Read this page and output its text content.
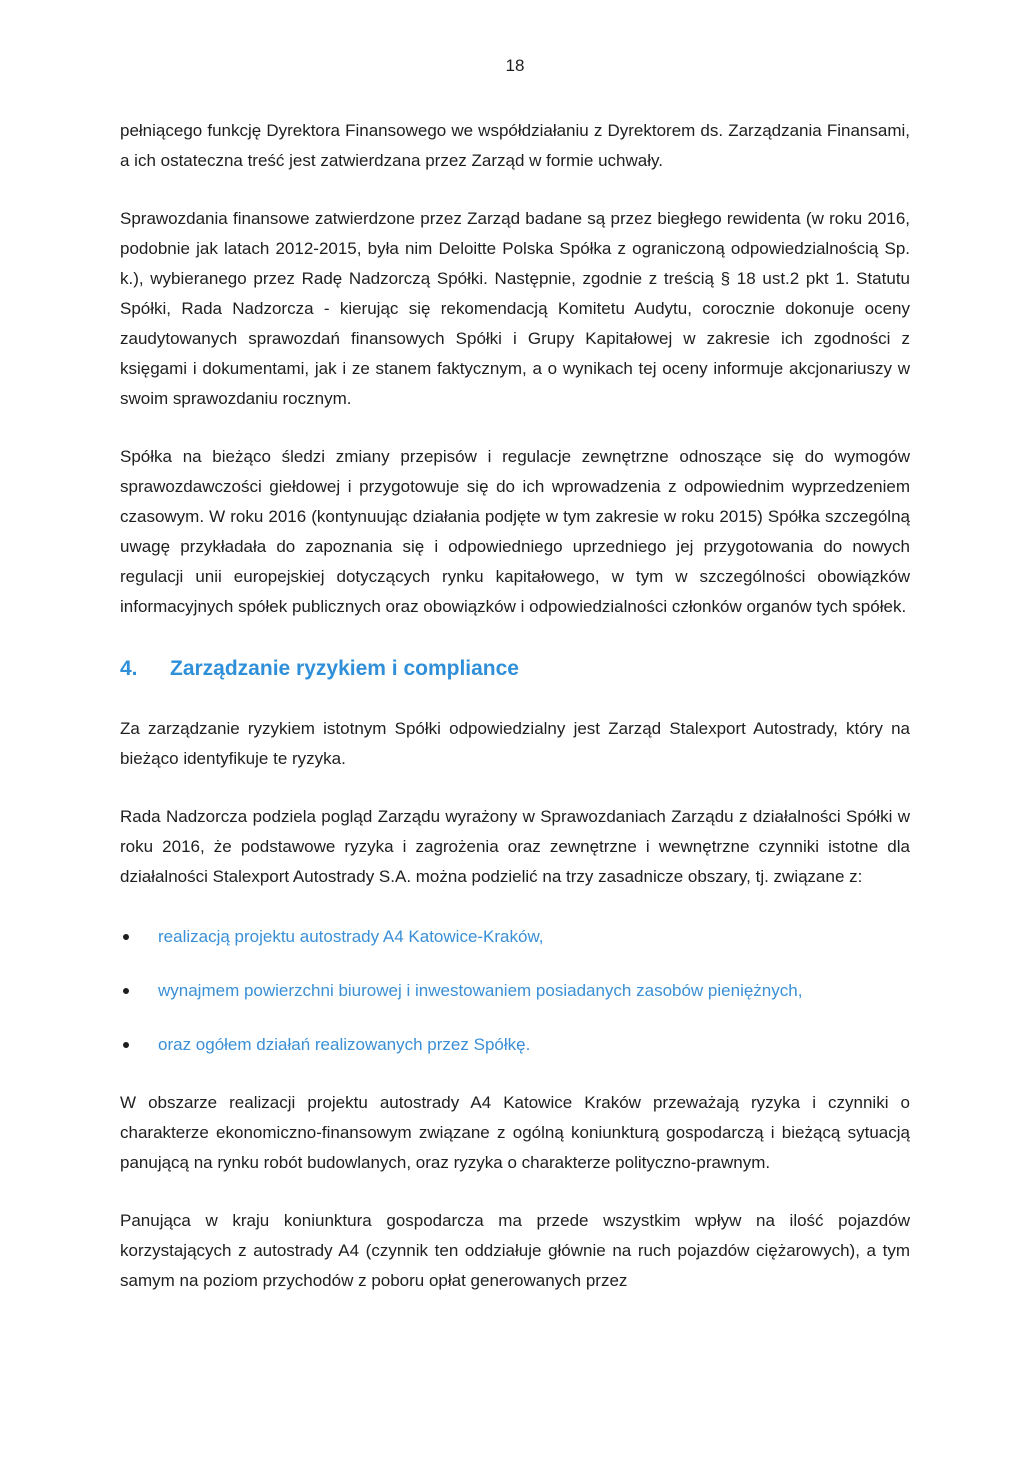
18

pełniącego funkcję Dyrektora Finansowego we współdziałaniu z Dyrektorem ds. Zarządzania Finansami, a ich ostateczna treść jest zatwierdzana przez Zarząd w formie uchwały.

Sprawozdania finansowe zatwierdzone przez Zarząd badane są przez biegłego rewidenta (w roku 2016, podobnie jak latach 2012-2015, była nim Deloitte Polska Spółka z ograniczoną odpowiedzialnością Sp. k.), wybieranego przez Radę Nadzorczą Spółki. Następnie, zgodnie z treścią § 18 ust.2 pkt 1. Statutu Spółki, Rada Nadzorcza - kierując się rekomendacją Komitetu Audytu, corocznie dokonuje oceny zaudytowanych sprawozdań finansowych Spółki i Grupy Kapitałowej w zakresie ich zgodności z księgami i dokumentami, jak i ze stanem faktycznym, a o wynikach tej oceny informuje akcjonariuszy w swoim sprawozdaniu rocznym.

Spółka na bieżąco śledzi zmiany przepisów i regulacje zewnętrzne odnoszące się do wymogów sprawozdawczości giełdowej i przygotowuje się do ich wprowadzenia z odpowiednim wyprzedzeniem czasowym. W roku 2016 (kontynuując działania podjęte w tym zakresie w roku 2015) Spółka szczególną uwagę przykładała do zapoznania się i odpowiedniego uprzedniego jej przygotowania do nowych regulacji unii europejskiej dotyczących rynku kapitałowego, w tym w szczególności obowiązków informacyjnych spółek publicznych oraz obowiązków i odpowiedzialności członków organów tych spółek.

4.	Zarządzanie ryzykiem i compliance

Za zarządzanie ryzykiem istotnym Spółki odpowiedzialny jest Zarząd Stalexport Autostrady, który na bieżąco identyfikuje te ryzyka.

Rada Nadzorcza podziela pogląd Zarządu wyrażony w Sprawozdaniach Zarządu z działalności Spółki w roku 2016, że podstawowe ryzyka i zagrożenia oraz zewnętrzne i wewnętrzne czynniki istotne dla działalności Stalexport Autostrady S.A. można podzielić na trzy zasadnicze obszary, tj. związane z:

realizacją projektu autostrady A4 Katowice-Kraków,
wynajmem powierzchni biurowej i inwestowaniem posiadanych zasobów pieniężnych,
oraz ogółem działań realizowanych przez Spółkę.

W obszarze realizacji projektu autostrady A4 Katowice Kraków przeważają ryzyka i czynniki o charakterze ekonomiczno-finansowym związane z ogólną koniunkturą gospodarczą i bieżącą sytuacją panującą na rynku robót budowlanych, oraz ryzyka o charakterze polityczno-prawnym.

Panująca w kraju koniunktura gospodarcza ma przede wszystkim wpływ na ilość pojazdów korzystających z autostrady A4 (czynnik ten oddziałuje głównie na ruch pojazdów ciężarowych), a tym samym na poziom przychodów z poboru opłat generowanych przez
